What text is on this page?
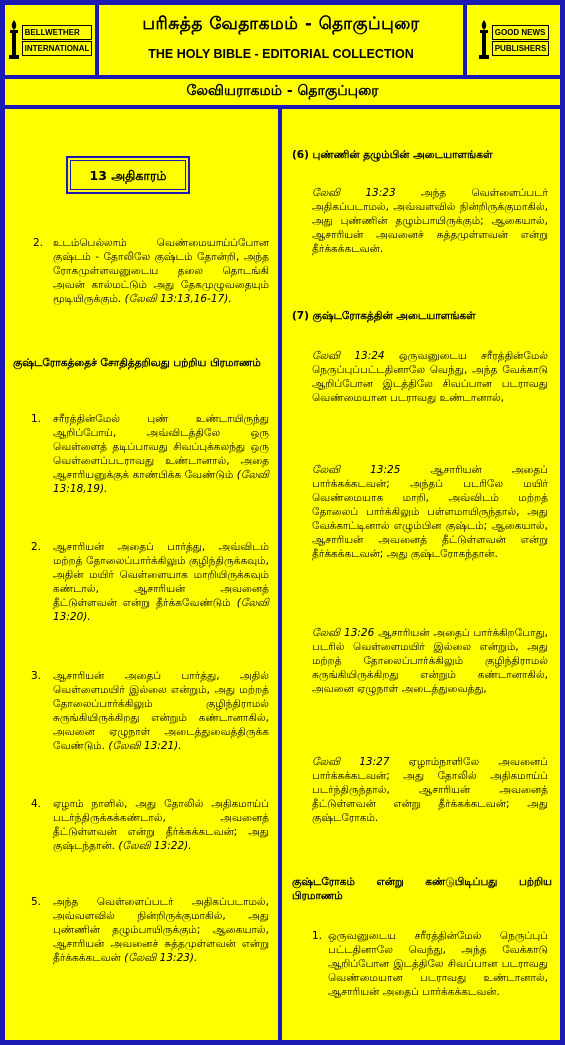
BELLWETHER
INTERNATIONAL
பரிசுத்த வேதாகமம் - தொகுப்புரை
THE HOLY BIBLE - EDITORIAL COLLECTION
GOOD NEWS
PUBLISHERS
லேவியராகமம் - தொகுப்புரை
13 அதிகாரம்
2. உடம்பெல்லாம் வெண்மையாய்ப்போன குஷ்டம் - தோலிலே குஷ்டம் தோன்றி, அந்த ரோகமுள்ளவனுடைய தலை தொடங்கி அவன் கால்மட்டும் அது தேகமுழுவதையும் மூடியிருக்கும். (லேவி 13:13,16-17).
குஷ்டரோகத்தைச் சோதித்தறிவது பற்றிய பிரமாணம்
1. சரீரத்தின்மேல் புண் உண்டாயிருந்து ஆறிப்போய், அவ்விடத்திலே ஒரு வெள்ளைத் தடிப்பாவது சிவப்புக்கலந்து ஒரு வெள்ளைப்படராவது உண்டானால், அதை ஆசாரியனுக்குக் காண்பிக்க வேண்டும் (லேவி 13:18,19).
2. ஆசாரியன் அதைப் பார்த்து, அவ்விடம் மற்றத் தோலைப்பார்க்கிலும் குழிந்திருக்கவும், அதின் மயிர் வெள்ளையாக மாறியிருக்கவும் கண்டால், ஆசாரியன் அவனைத் தீட்டுள்ளவன் என்று தீர்க்கவேண்டும் (லேவி 13:20).
3. ஆசாரியன் அதைப் பார்த்து, அதில் வெள்ளைமயிர் இல்லை என்றும், அது மற்றத் தோலைப்பார்க்கிலும் குழிந்திராமல் சுருங்கியிருக்கிறது என்றும் கண்டானாகில், அவனை ஏழுநாள் அடைத்துவைத்திருக்க வேண்டும். (லேவி 13:21).
4. ஏழாம் நாளில், அது தோலில் அதிகமாய்ப் படர்ந்திருக்கக்கண்டால், அவனைத் தீட்டுள்ளவன் என்று தீர்க்கக்கடவன்; அது குஷ்டந்தான். (லேவி 13:22).
5. அந்த வெள்ளைப்படர் அதிகப்படாமல், அவ்வளவில் நின்றிருக்குமாகில், அது புண்ணின் தழும்பாயிருக்கும்; ஆகையால், ஆசாரியன் அவனைச் சுத்தமுள்ளவன் என்று தீர்க்கக்கடவன் (லேவி 13:23).
(6) புண்ணின் தழும்பின் அடையாளங்கள்
லேவி 13:23 அந்த வெள்ளைப்படர் அதிகப்படாமல், அவ்வளவில் நின்றிருக்குமாகில், அது புண்ணின் தழும்பாயிருக்கும்; ஆகையால், ஆசாரியன் அவனைச் சுத்தமுள்ளவன் என்று தீர்க்கக்கடவன்.
(7) குஷ்டரோகத்தின் அடையாளங்கள்
லேவி 13:24 ஒருவனுடைய சரீரத்தின்மேல் நெருப்புப்பட்டதினாலே வெந்து, அந்த வேக்காடு ஆறிப்போன இடத்திலே சிவப்பான படராவது வெண்மையான படராவது உண்டானால்,
லேவி 13:25	ஆசாரியன் அதைப் பார்க்கக்கடவன்; அந்தப் படரிலே மயிர் வெண்மையாக மாறி, அவ்விடம் மற்றத் தோலைப் பார்க்கிலும் பள்ளமாயிருந்தால், அது வேக்காட்டினால் எழும்பின குஷ்டம்; ஆகையால், ஆசாரியன் அவனைத் தீட்டுள்ளவன் என்று தீர்க்கக்கடவன்; அது குஷ்டரோகந்தான்.
லேவி 13:26 ஆசாரியன் அதைப் பார்க்கிறபோது, படரில் வெள்ளைமயிர் இல்லை என்றும், அது மற்றத் தோலைப்பார்க்கிலும் குழிந்திராமல் சுருங்கியிருக்கிறது என்றும் கண்டானாகில், அவனை ஏழுநாள் அடைத்துவைத்து,
லேவி 13:27 ஏழாம்நாளிலே அவனைப் பார்க்கக்கடவன்; அது தோலில் அதிகமாய்ப் படர்ந்திருந்தால், ஆசாரியன் அவனைத் தீட்டுள்ளவன் என்று தீர்க்கக்கடவன்; அது குஷ்டரோகம்.
குஷ்டரோகம் என்று கண்டுபிடிப்பது பற்றிய பிரமாணம்
1. ஒருவனுடைய சரீரத்தின்மேல் நெருப்புப் பட்டதினாலே வெந்து, அந்த வேக்காடு ஆறிப்போன இடத்திலே சிவப்பான படராவது வெண்மையான படராவது உண்டானால், ஆசாரியன் அதைப் பார்க்கக்கடவன்.
